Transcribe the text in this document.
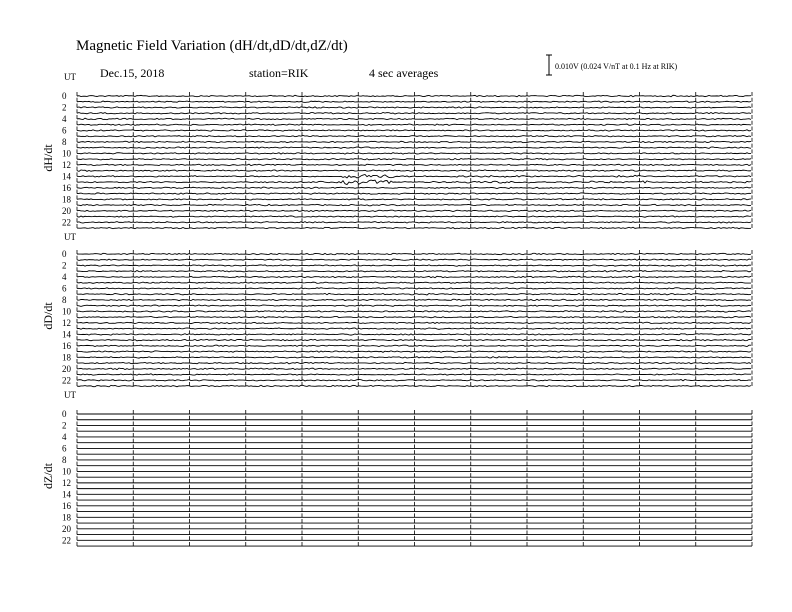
Magnetic Field Variation (dH/dt,dD/dt,dZ/dt)
Dec.15, 2018	station=RIK	4 sec averages	0.010V (0.024 V/nT at 0.1 Hz at RIK)
UT
dH/dt
0
2
4
6
8
10
12
14
16
18
20
22
UT
dD/dt
0
2
4
6
8
10
12
14
16
18
20
22
UT
dZ/dt
0
2
4
6
8
10
12
14
16
18
20
22
